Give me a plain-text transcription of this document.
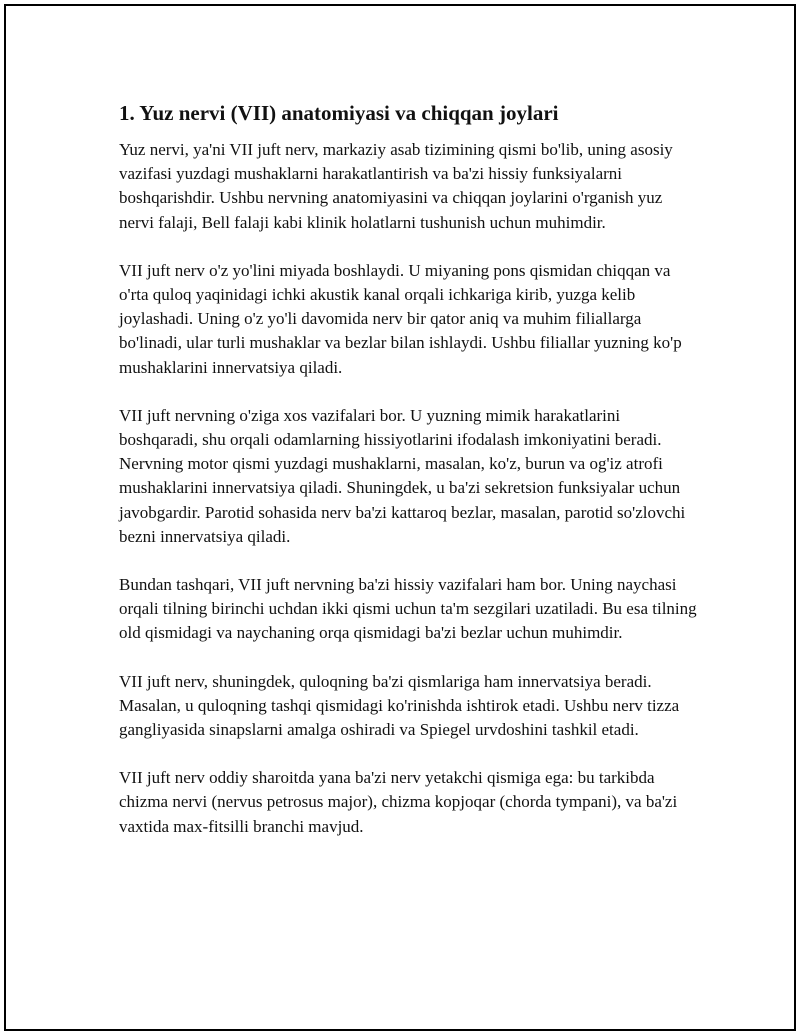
1. Yuz nervi (VII) anatomiyasi va chiqqan joylari

Yuz nervi, ya'ni VII juft nerv, markaziy asab tizimining qismi bo'lib, uning asosiy vazifasi yuzdagi mushaklarni harakatlantirish va ba'zi hissiy funksiyalarni boshqarishdir. Ushbu nervning anatomiyasini va chiqqan joylarini o'rganish yuz nervi falaji, Bell falaji kabi klinik holatlarni tushunish uchun muhimdir.

VII juft nerv o'z yo'lini miyada boshlaydi. U miyaning pons qismidan chiqqan va o'rta quloq yaqinidagi ichki akustik kanal orqali ichkariga kirib, yuzga kelib joylashadi. Uning o'z yo'li davomida nerv bir qator aniq va muhim filiallarga bo'linadi, ular turli mushaklar va bezlar bilan ishlaydi. Ushbu filiallar yuzning ko'p mushaklarini innervatsiya qiladi.

VII juft nervning o'ziga xos vazifalari bor. U yuzning mimik harakatlarini boshqaradi, shu orqali odamlarning hissiyotlarini ifodalash imkoniyatini beradi. Nervning motor qismi yuzdagi mushaklarni, masalan, ko'z, burun va og'iz atrofi mushaklarini innervatsiya qiladi. Shuningdek, u ba'zi sekretsion funksiyalar uchun javobgardir. Parotid sohasida nerv ba'zi kattaroq bezlar, masalan, parotid so'zlovchi bezni innervatsiya qiladi.

Bundan tashqari, VII juft nervning ba'zi hissiy vazifalari ham bor. Uning naychasi orqali tilning birinchi uchdan ikki qismi uchun ta'm sezgilari uzatiladi. Bu esa tilning old qismidagi va naychaning orqa qismidagi ba'zi bezlar uchun muhimdir.

VII juft nerv, shuningdek, quloqning ba'zi qismlariga ham innervatsiya beradi. Masalan, u quloqning tashqi qismidagi ko'rinishda ishtirok etadi. Ushbu nerv tizza gangliyasida sinapslarni amalga oshiradi va Spiegel urvdoshini tashkil etadi.

VII juft nerv oddiy sharoitda yana ba'zi nerv yetakchi qismiga ega: bu tarkibda chizma nervi (nervus petrosus major), chizma kopjoqar (chorda tympani), va ba'zi vaxtida max-fitsilli branchi mavjud.
